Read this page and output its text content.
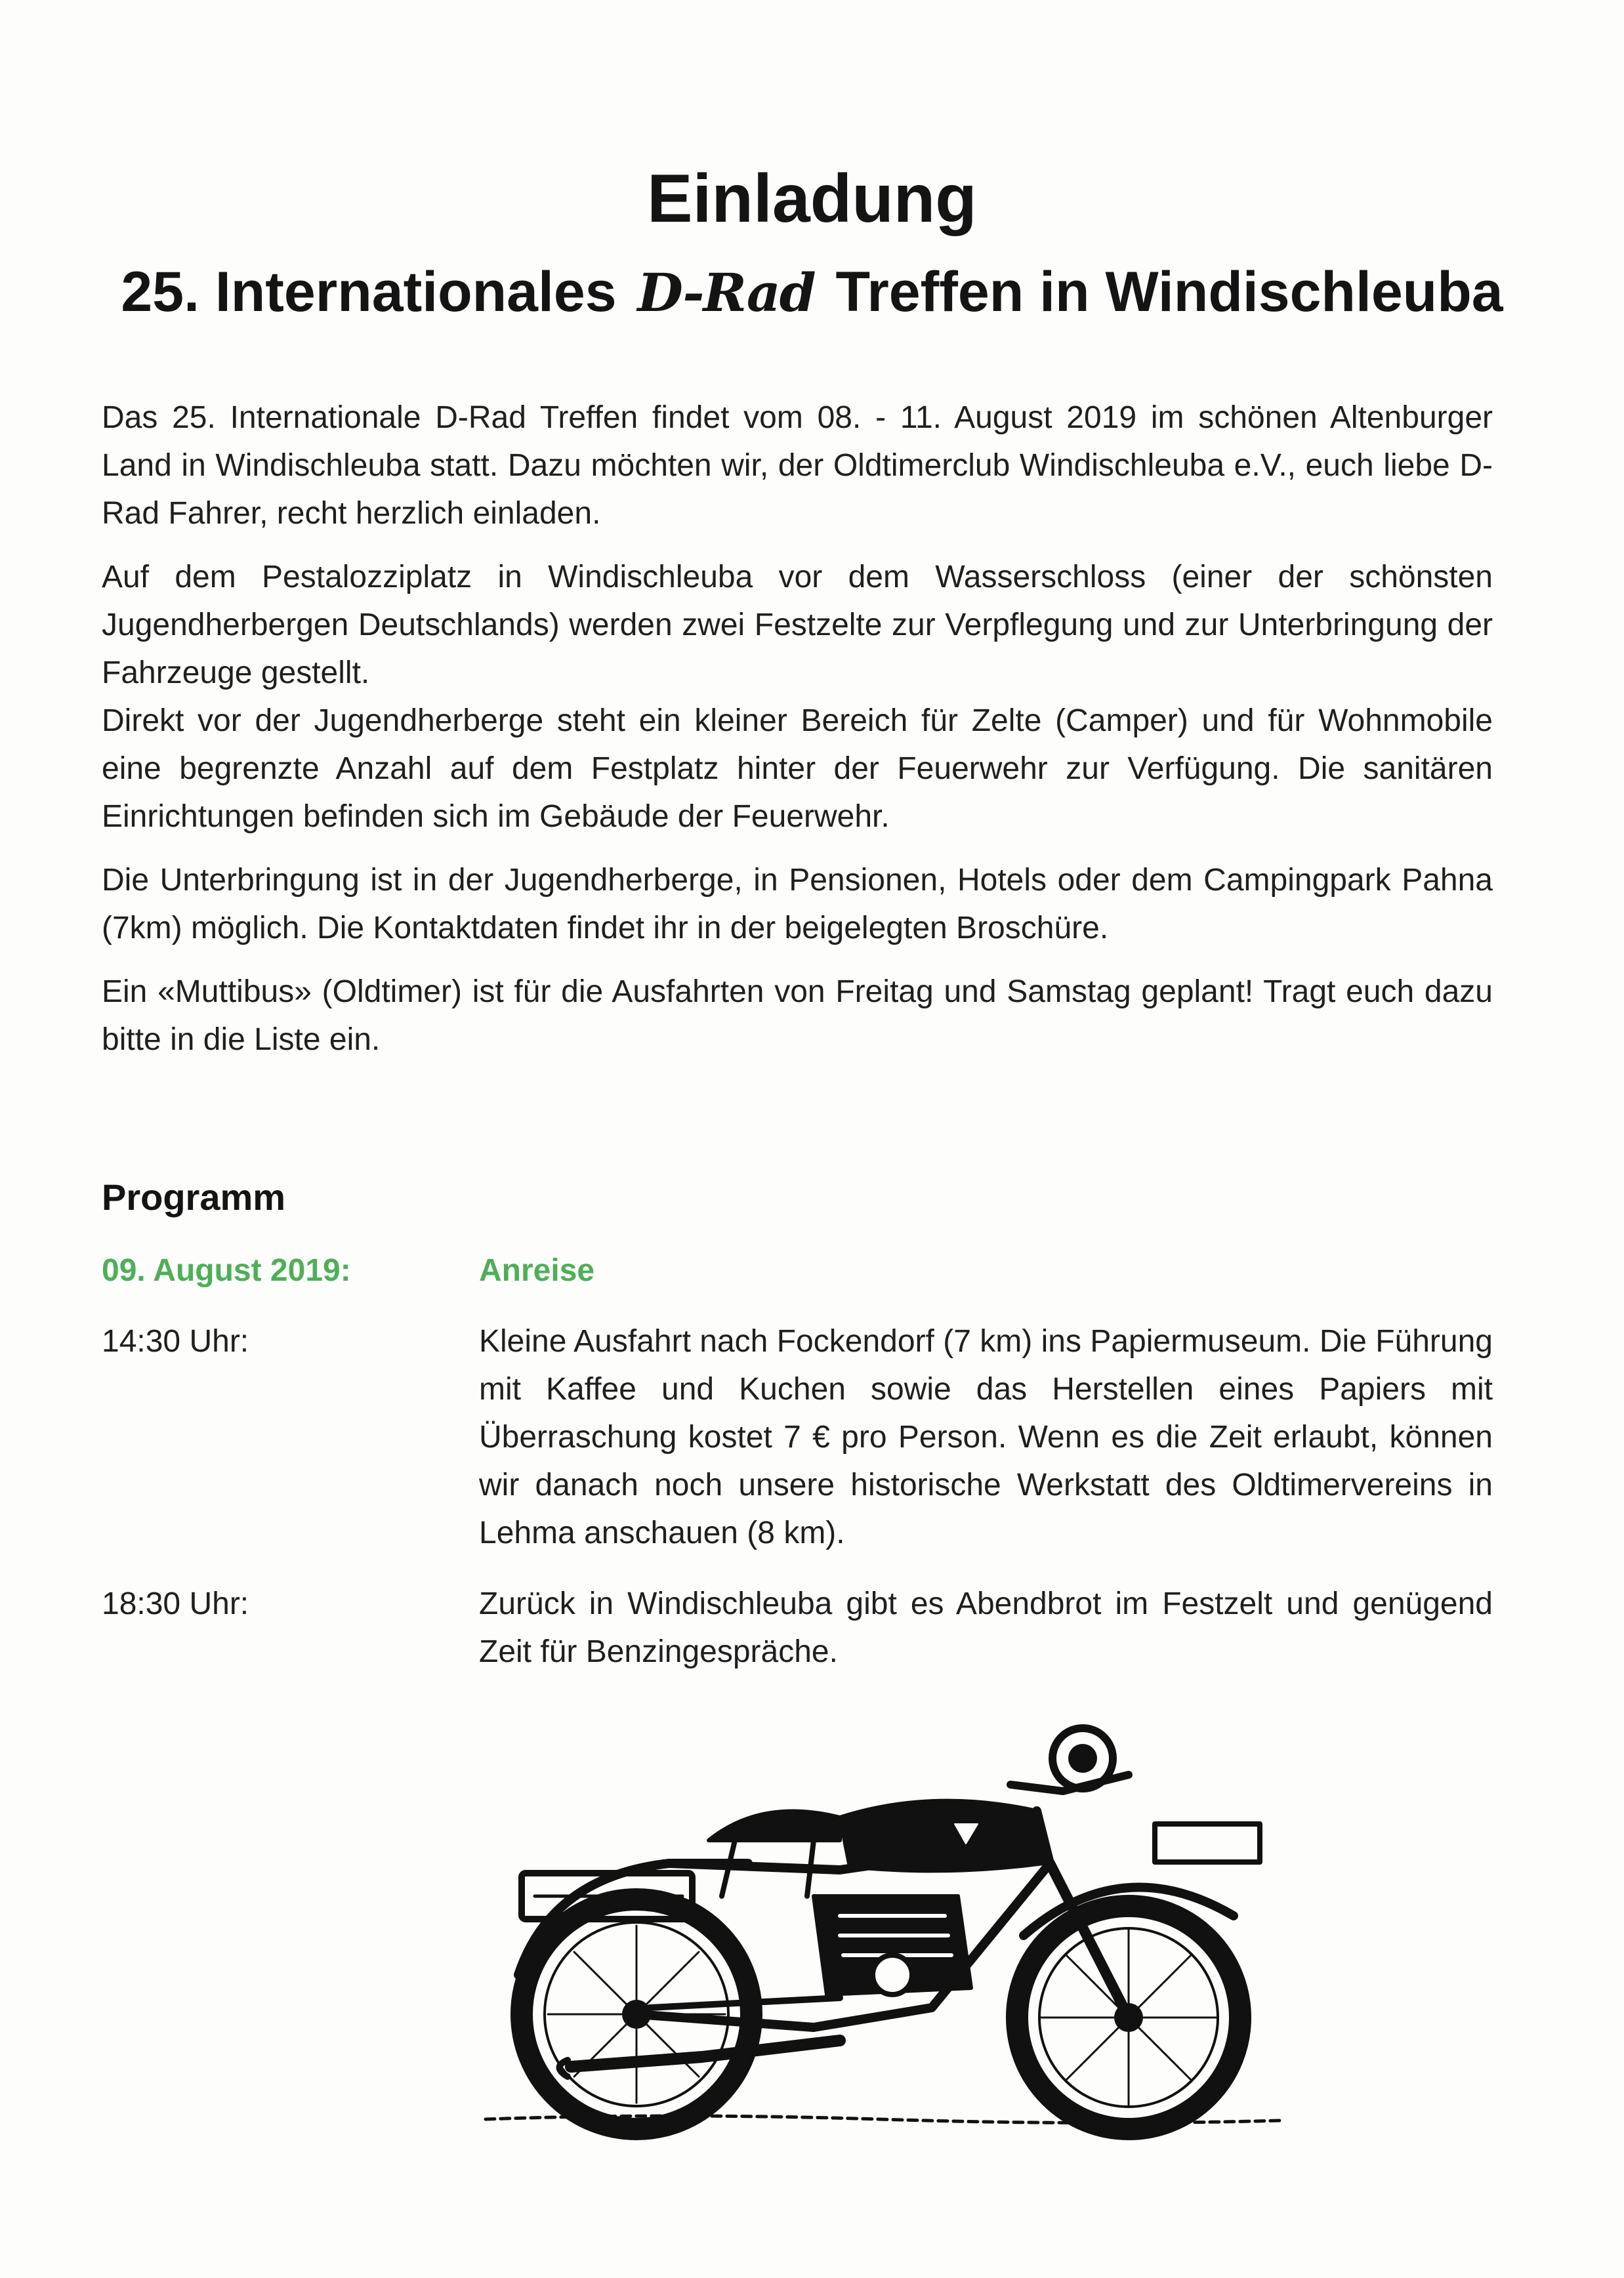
Einladung
25. Internationales D-Rad Treffen in Windischleuba

Das 25. Internationale D-Rad Treffen findet vom 08. - 11. August 2019 im schönen Altenburger Land in Windischleuba statt. Dazu möchten wir, der Oldtimerclub Windischleuba e.V., euch liebe D-Rad Fahrer, recht herzlich einladen.

Auf dem Pestalozziplatz in Windischleuba vor dem Wasserschloss (einer der schönsten Jugendherbergen Deutschlands) werden zwei Festzelte zur Verpflegung und zur Unterbringung der Fahrzeuge gestellt.

Direkt vor der Jugendherberge steht ein kleiner Bereich für Zelte (Camper) und für Wohnmobile eine begrenzte Anzahl auf dem Festplatz hinter der Feuerwehr zur Verfügung. Die sanitären Einrichtungen befinden sich im Gebäude der Feuerwehr.

Die Unterbringung ist in der Jugendherberge, in Pensionen, Hotels oder dem Campingpark Pahna (7km) möglich. Die Kontaktdaten findet ihr in der beigelegten Broschüre.

Ein «Muttibus» (Oldtimer) ist für die Ausfahrten von Freitag und Samstag geplant! Tragt euch dazu bitte in die Liste ein.

Programm
09. August 2019:	Anreise
14:30 Uhr:	Kleine Ausfahrt nach Fockendorf (7 km) ins Papiermuseum. Die Führung mit Kaffee und Kuchen sowie das Herstellen eines Papiers mit Überraschung kostet 7 € pro Person. Wenn es die Zeit erlaubt, können wir danach noch unsere historische Werkstatt des Oldtimervereins in Lehma anschauen (8 km).
18:30 Uhr:	Zurück in Windischleuba gibt es Abendbrot im Festzelt und genügend Zeit für Benzingespräche.
